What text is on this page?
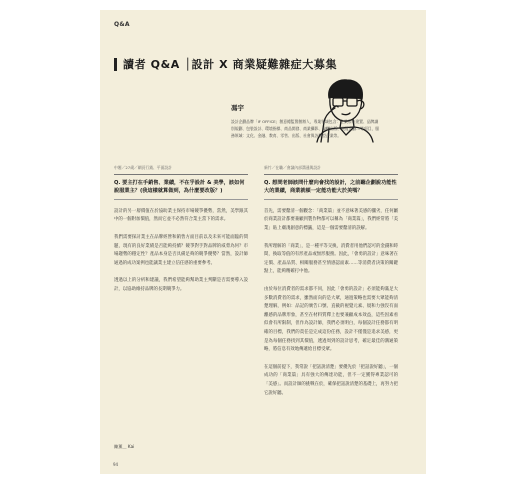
Q&A
讀者 Q&A │設計 X 商業疑難雜症大募集
馮宇
設計企劃品牌「IF OFFICE」創意總監暨創辦人，專業領域包含：企業形象建置、品牌識別規劃、包裝設計、環境指標、商品開發、商業攝影、編輯出版、展覽企劃…等項目，服務領域：文化、金融、教育、零售、出版、社會與各類型企業等。
中壢／27歲／網頁行銷、平面設計
Q. 要主打在手銷售、業績，不在乎設計 & 美學，該如何說服業主？(我這樣就算做到，為什麼要改版？)

設計的另一層價值在於協助業主保持市場競爭優勢，當然，美學跟其中的一個附加價值，然而它並不必然符合業主當下的需求。

我們需要探討業主在品牌經營和銷售方面目前以及未來可能面臨的問題，現有的良好業績是否能夠持續？競爭對手對品牌的威脅為何？市場趨勢的穩定性？產品本身是否具備足夠的競爭優勢？當然，設計師通過的成功案例也能讓業主建立信任感的重要參考。

透過以上的分析和建議，我們希望能夠幫助業主判斷是否需要導入設計，以協助維持品牌的長期競爭力。

新竹／在職／會議內部溝通與設計
Q. 想問老師該問什麼向會找的設計，之前聽企劃說功能性大的業績，商業就頓一定能功能大於美嗎？

首先，需要釐清一個觀念：「商業篇」並不意味著美感的擱劣，任何屬於商業設計都要兼顧到製作物都可以稱為「商業篇」，我們經常將「美業」貼上膚淺創意的標籤，這是一個需要釐清的誤解。

我所理解的「商業」，是一種平等交換，消費者用他們認可的金錢和時間，換取等值的有形產品或無形服務。因此，「會勇的設計」意味著在定價、產品品質、相關服務甚至情感認面素……等消費者決策的關鍵點上，能夠精確打中他。

由於每位消費者的需求都不同，因此「會勇的設計」必須能夠滿足大多數消費者的需求，雖然面向的是大眾，通過策略也需要大眾能夠清楚理解，例如：品記的廣告口號、直截的視覺元素、規和力強沒有面離感的品牌形象，甚至在材料質釋上也要兼顧成本效益，這些因素看似會有所限制，但作為設計師，我們必須明白，每個設計任務都有明確的目標，我們的責任是完成這份任務，設計不僅僅是追求美感，更是為每個任務找到其價值，透過周到的設計思考，確定最佳的溝通策略，將信息有效地傳遞給目標受眾。

在這個前提下，我常說「把話說清楚」要優先於「把話說好聽」，一個成功的「商業篇」具有強大的傳達功能，但不一定獲得專業認可的「美感」。而設計師的挑戰在於，確保把話說清楚的基礎上，再努力把它說好聽。

陳薰＿ Kai
94
